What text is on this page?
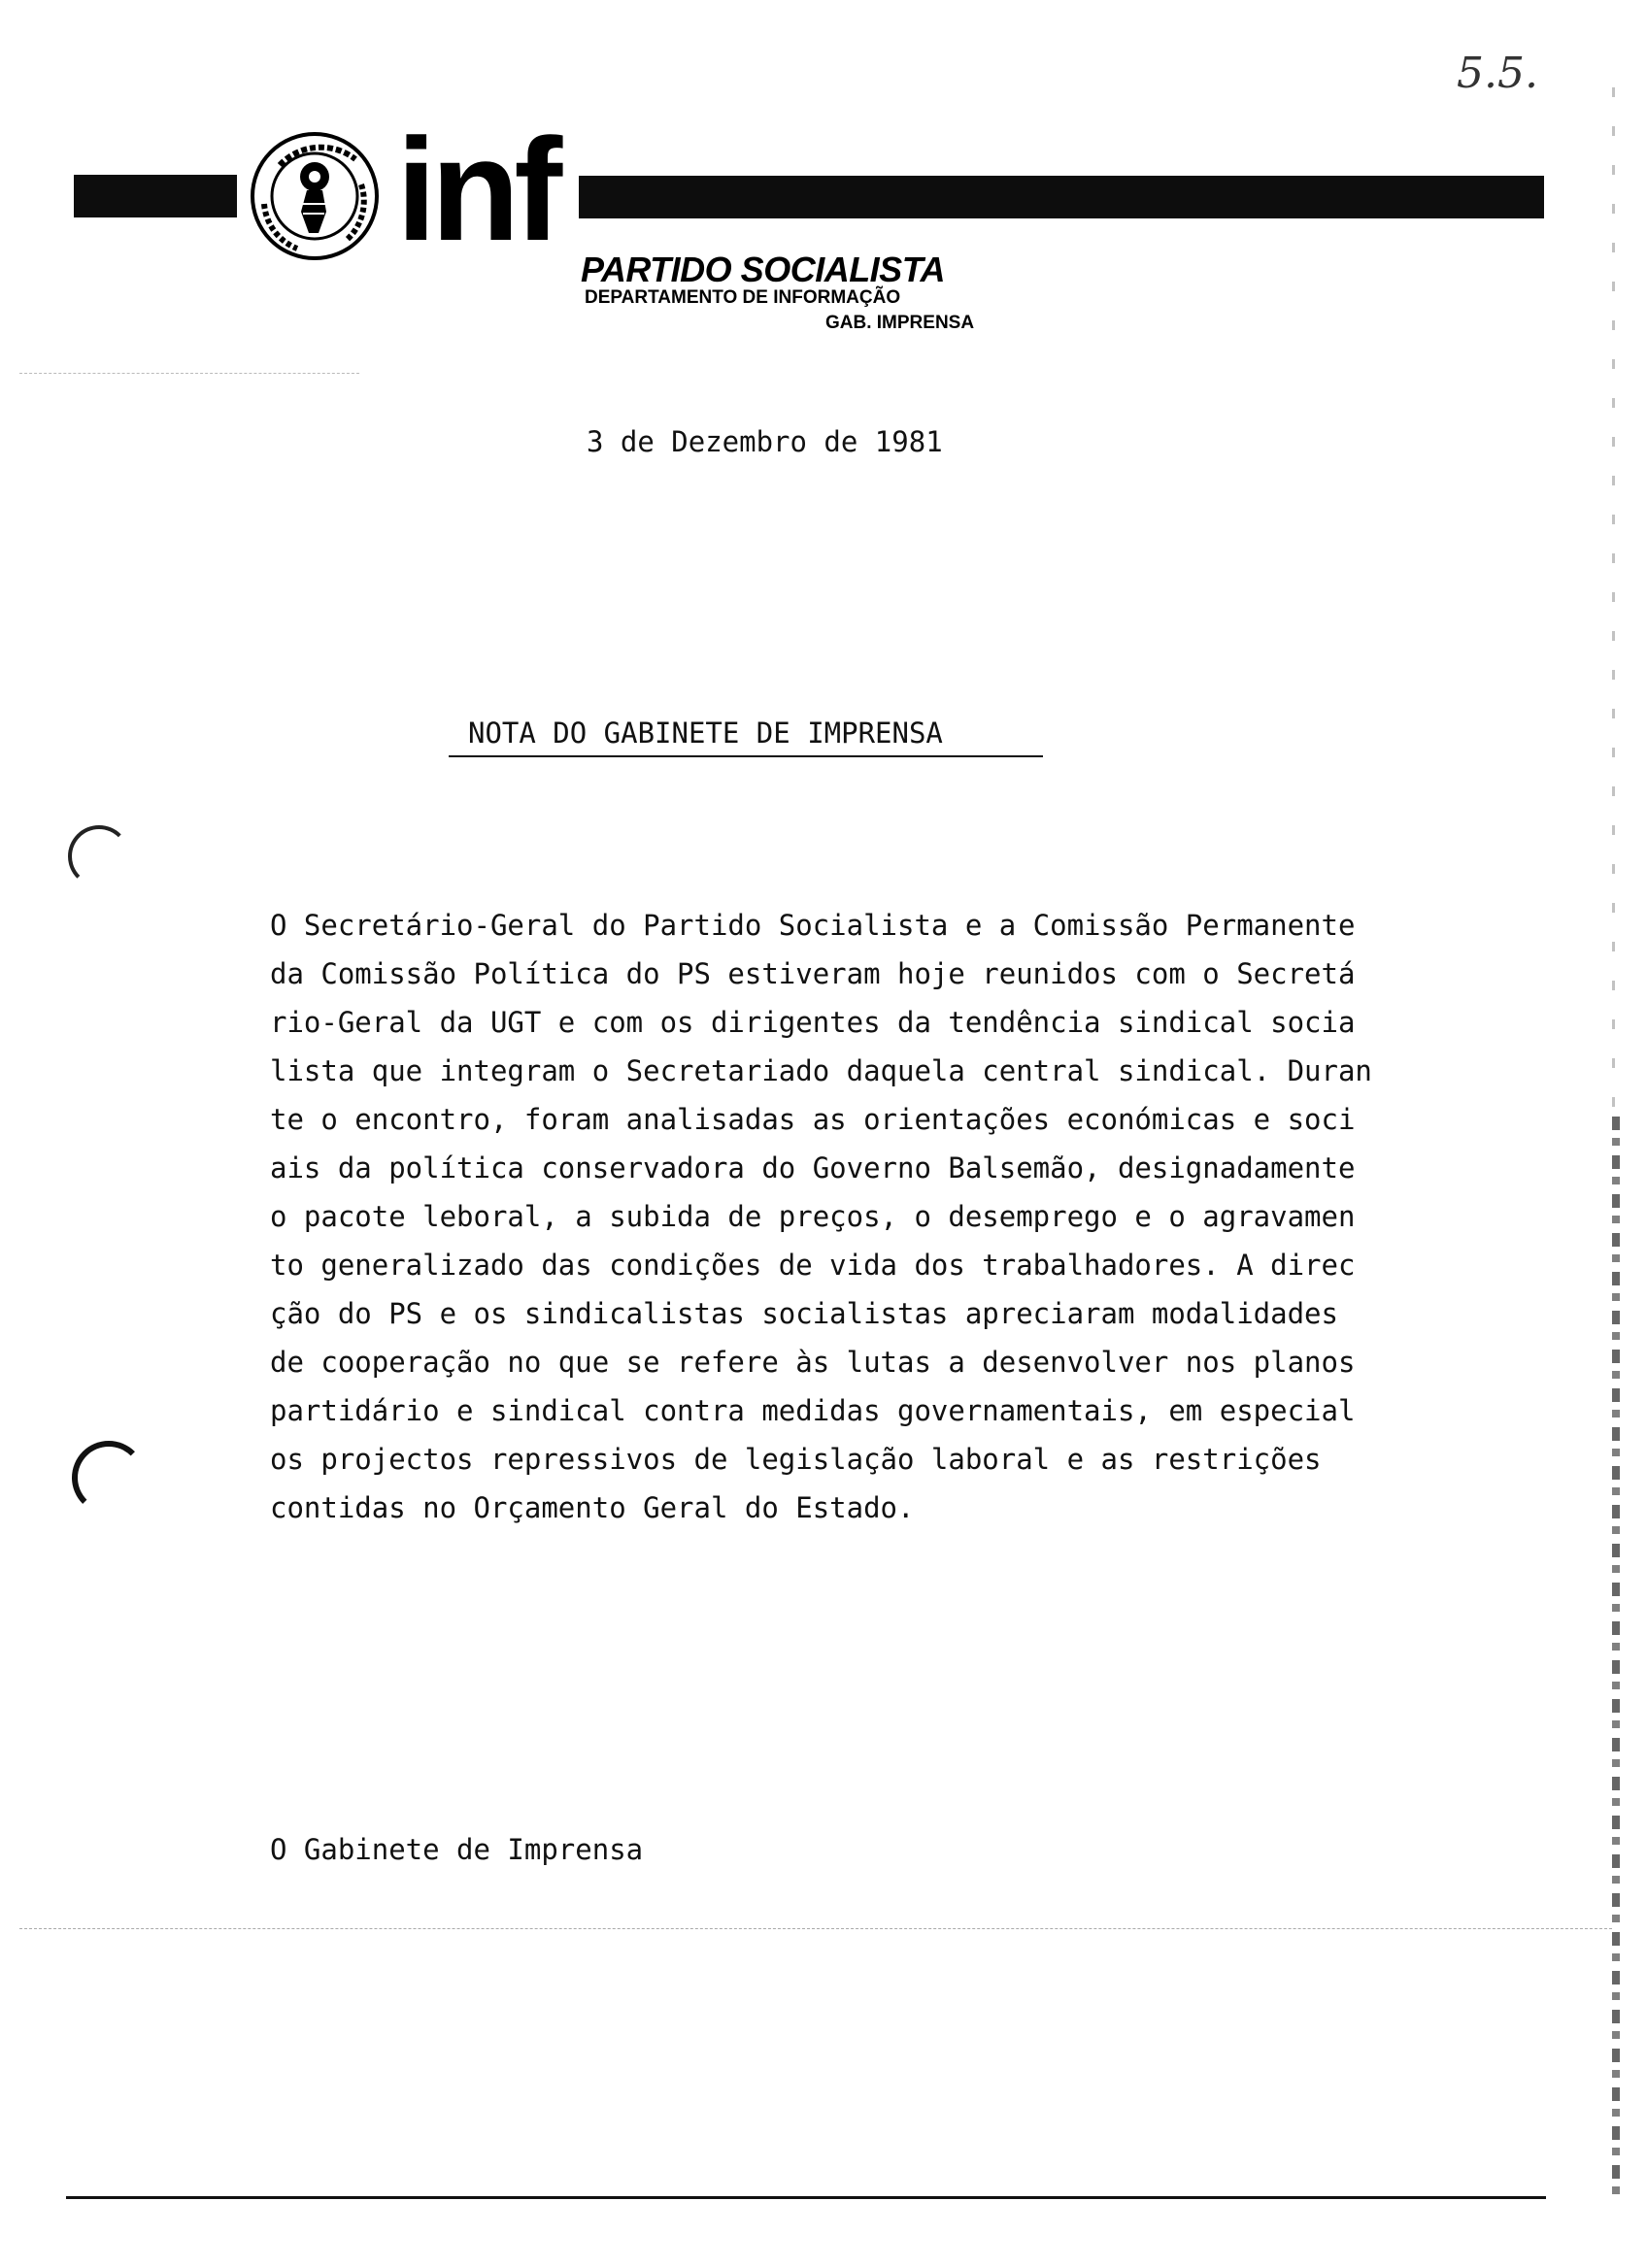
5.5.
inf PARTIDO SOCIALISTA
DEPARTAMENTO DE INFORMAÇÃO
GAB. IMPRENSA
3 de Dezembro de 1981
NOTA DO GABINETE DE IMPRENSA
O Secretário-Geral do Partido Socialista e a Comissão Permanente
da Comissão Política do PS estiveram hoje reunidos com o Secretá
rio-Geral da UGT e com os dirigentes da tendência sindical socia
lista que integram o Secretariado daquela central sindical. Duran
te o encontro, foram analisadas as orientações económicas e soci
ais da política conservadora do Governo Balsemão, designadamente
o pacote leboral, a subida de preços, o desemprego e o agravamen
to generalizado das condições de vida dos trabalhadores. A direc
ção do PS e os sindicalistas socialistas apreciaram modalidades
de cooperação no que se refere às lutas a desenvolver nos planos
partidário e sindical contra medidas governamentais, em especial
os projectos repressivos de legislação laboral e as restrições
contidas no Orçamento Geral do Estado.
O Gabinete de Imprensa
